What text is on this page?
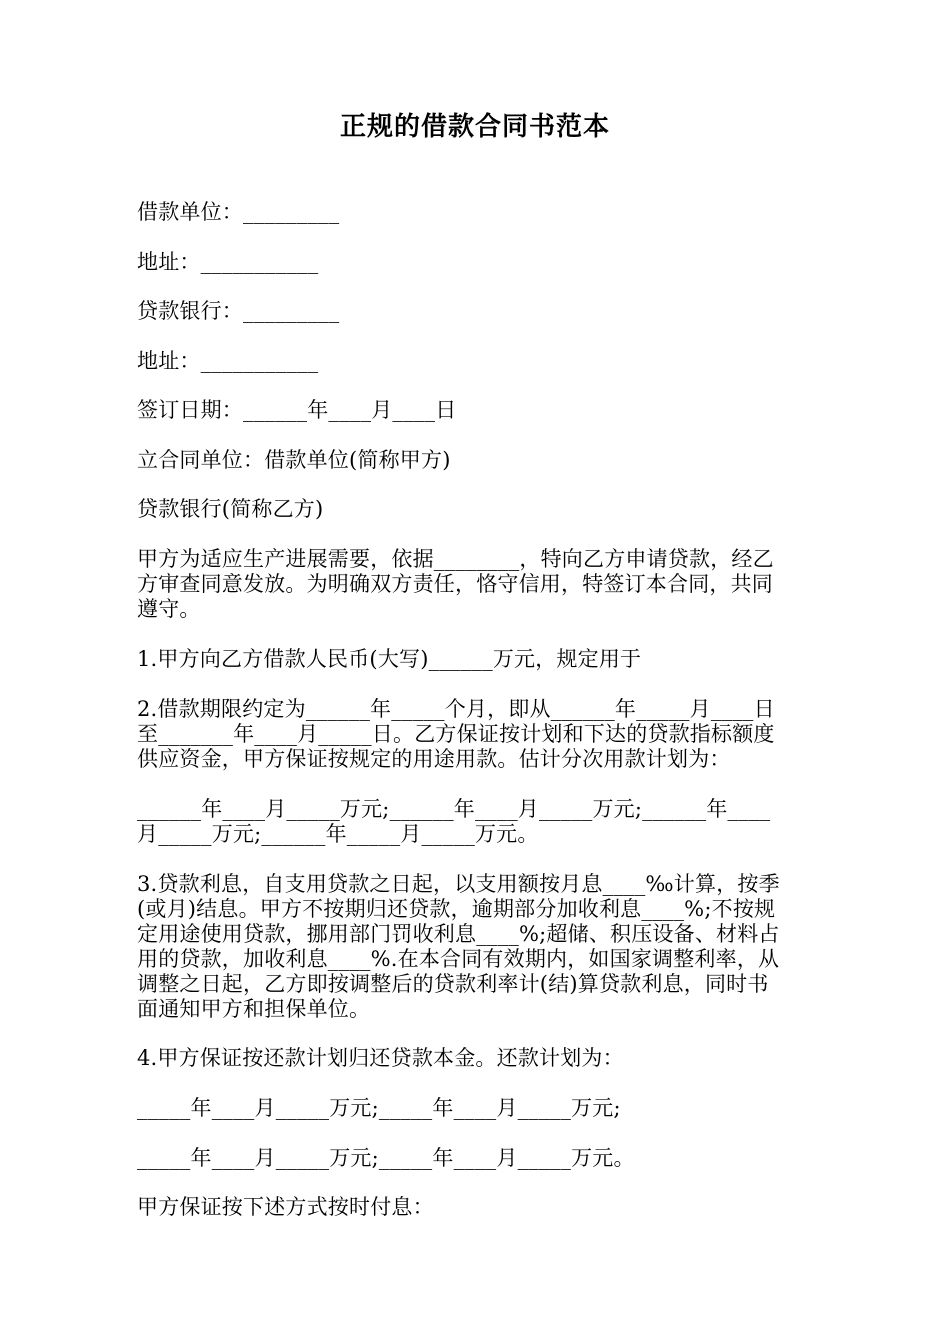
正规的借款合同书范本
借款单位：_________
地址：___________
贷款银行：_________
地址：___________
签订日期：______年____月____日
立合同单位：借款单位(简称甲方)
贷款银行(简称乙方)
甲方为适应生产进展需要，依据________，特向乙方申请贷款，经乙
方审查同意发放。为明确双方责任，恪守信用，特签订本合同，共同
遵守。
1.甲方向乙方借款人民币(大写)______万元，规定用于
2.借款期限约定为______年_____个月，即从______年_____月____日
至_______年____月_____日。乙方保证按计划和下达的贷款指标额度
供应资金，甲方保证按规定的用途用款。估计分次用款计划为：
______年____月_____万元;______年____月_____万元;______年____
月_____万元;______年_____月_____万元。
3.贷款利息，自支用贷款之日起，以支用额按月息____‰计算，按季
(或月)结息。甲方不按期归还贷款，逾期部分加收利息____%;不按规
定用途使用贷款，挪用部门罚收利息____%;超储、积压设备、材料占
用的贷款，加收利息____%.在本合同有效期内，如国家调整利率，从
调整之日起，乙方即按调整后的贷款利率计(结)算贷款利息，同时书
面通知甲方和担保单位。
4.甲方保证按还款计划归还贷款本金。还款计划为：
_____年____月_____万元;_____年____月_____万元;
_____年____月_____万元;_____年____月_____万元。
甲方保证按下述方式按时付息：
